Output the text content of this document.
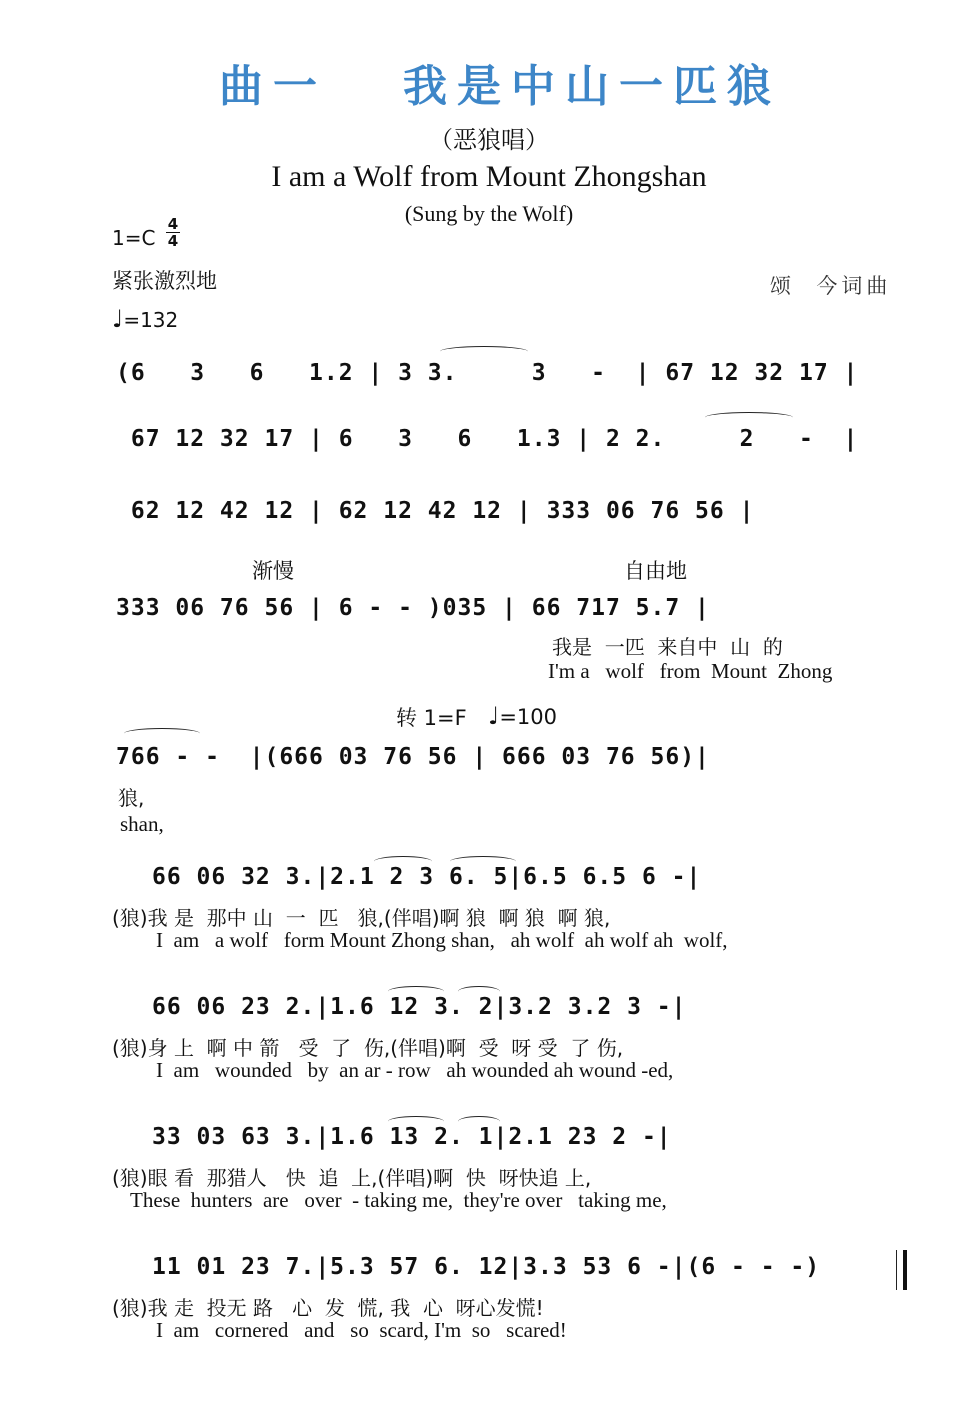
曲一   我是中山一匹狼
（恶狼唱）
I am a Wolf from Mount Zhongshan
(Sung by the Wolf)
1=C
4
4
紧张激烈地	颂  今词曲
♩=132
(6   3   6   1.2 | 3 3.     3   -  | 67 12 32 17 |
67 12 32 17 | 6   3   6   1.3 | 2 2.     2   -  |
62 12 42 12 | 62 12 42 12 | 333 06 76 56 |
渐慢	自由地
333 06 76 56 | 6 - - )035 | 66 717 5.7 |
我是  一匹  来自中  山  的
I'm a   wolf   from  Mount  Zhong
转 1=F ♩=100
766 - -  |(666 03 76 56 | 666 03 76 56)|
狼,
shan,
66 06 32 3.|2.1 2 3 6. 5|6.5 6.5 6 -|
(狼)我 是  那中 山  一  匹   狼,(伴唱)啊 狼  啊 狼  啊 狼,
I  am   a wolf   form Mount Zhong shan,   ah wolf  ah wolf ah  wolf,
66 06 23 2.|1.6 12 3. 2|3.2 3.2 3 -|
(狼)身 上  啊 中 箭   受  了  伤,(伴唱)啊  受  呀 受  了 伤,
I  am   wounded   by  an ar - row   ah wounded ah wound -ed,
33 03 63 3.|1.6 13 2. 1|2.1 23 2 -|
(狼)眼 看  那猎人   快  追  上,(伴唱)啊  快  呀快追 上,
These  hunters  are   over  - taking me,  they're over   taking me,
11 01 23 7.|5.3 57 6. 12|3.3 53 6 -|(6 - - -)
(狼)我 走  投无 路   心  发  慌, 我  心  呀心发慌!
I  am   cornered   and   so  scard, I'm  so   scared!
